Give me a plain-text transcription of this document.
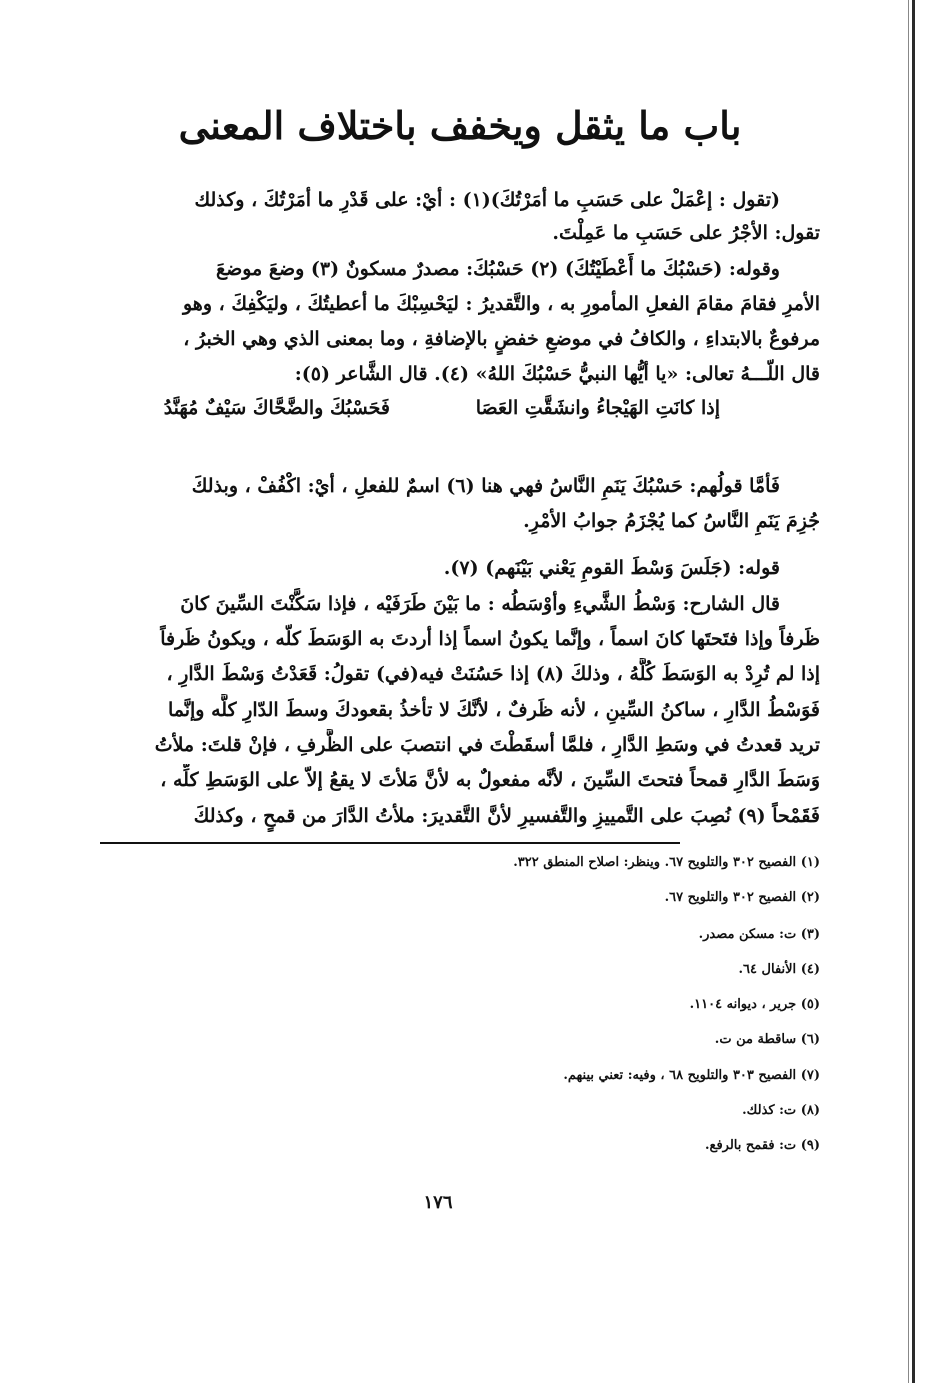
باب ما يثقل ويخفف باختلاف المعنى
(تقول : إعْمَلْ على حَسَبِ ما أمَرْتُكَ)(١) : أيْ: على قَدْرِ ما أمَرْتُكَ ، وكذلك
تقول: الأجْرُ على حَسَبِ ما عَمِلْتَ.
وقوله: (حَسْبُكَ ما أَعْطَيْتُكَ) (٢) حَسْبُكَ: مصدرٌ مسكونٌ (٣) وضعَ موضعَ
الأمرِ فقامَ مقامَ الفعلِ المأمورِ به ، والتَّقديرُ : ليَحْسِبْكَ ما أعطيتُكَ ، وليَكْفِكَ ، وهو
مرفوعٌ بالابتداءِ ، والكافُ في موضعِ خفضٍ بالإضافةِ ، وما بمعنى الذي وهي الخبرُ ،
قال اللّـــهُ تعالى: «يا أيُّها النبيُّ حَسْبُكَ اللهُ» (٤). قال الشَّاعر (٥):
إذا كانَتِ الهَيْجاءُ وانشَقَّتِ العَصَا
فَحَسْبُكَ والضَّحَّاكَ سَيْفٌ مُهَنَّدُ
فَأمَّا قولُهم: حَسْبُكَ يَنَمِ النَّاسُ فهي هنا (٦) اسمٌ للفعلِ ، أيْ: اكْفُفْ ، وبذلكَ
جُزِمَ يَنَمِ النَّاسُ كما يُجْزَمُ جوابُ الأمْرِ.
قوله: (جَلَسَ وَسْطَ القومِ يَعْني بَيْنَهم) (٧).
قال الشارح: وَسْطُ الشَّيءِ وأوْسَطُه : ما بَيْنَ طَرَفَيْه ، فإذا سَكَّنْتَ السِّينَ كانَ
ظَرفاً وإذا فتَحتَها كانَ اسماً ، وإنَّما يكونُ اسماً إذا أردتَ به الوَسَطَ كلّه ، ويكونُ ظَرفاً
إذا لم تُرِدْ به الوَسَطَ كُلَّهُ ، وذلكَ (٨) إذا حَسُنَتْ فيه(في) تقولُ: قَعَدْتُ وَسْطَ الدَّارِ ،
فَوَسْطُ الدَّارِ ، ساكنُ السِّينِ ، لأنه ظَرفٌ ، لأنَّكَ لا تأخذُ بقعودكَ وسطَ الدّارِ كلَّه وإنَّما
تريد قعدتُ في وسَطِ الدَّارِ ، فلمَّا أسقَطْتَ في انتصبَ على الظَّرفِ ، فإنْ قلتَ: ملأتُ
وَسَطَ الدَّارِ قمحاً فتحتَ السِّينَ ، لأنَّه مفعولٌ به لأنَّ مَلأتَ لا يقعُ إلاّ على الوَسَطِ كلِّه ،
فَقَمْحاً (٩) نُصِبَ على التَّمييزِ والتَّفسيرِ لأنَّ التَّقديرَ: ملأتُ الدَّارَ من قمحٍ ، وكذلكَ
(١) الفصيح ٣٠٢ والتلويح ٦٧. وينظر: اصلاح المنطق ٣٢٢.
(٢) الفصيح ٣٠٢ والتلويح ٦٧.
(٣) ت: مسكن مصدر.
(٤) الأنفال ٦٤.
(٥) جرير ، ديوانه ١١٠٤.
(٦) ساقطة من ت.
(٧) الفصيح ٣٠٣ والتلويح ٦٨ ، وفيه: تعني بينهم.
(٨) ت: كذلك.
(٩) ت: فقمح بالرفع.
١٧٦
